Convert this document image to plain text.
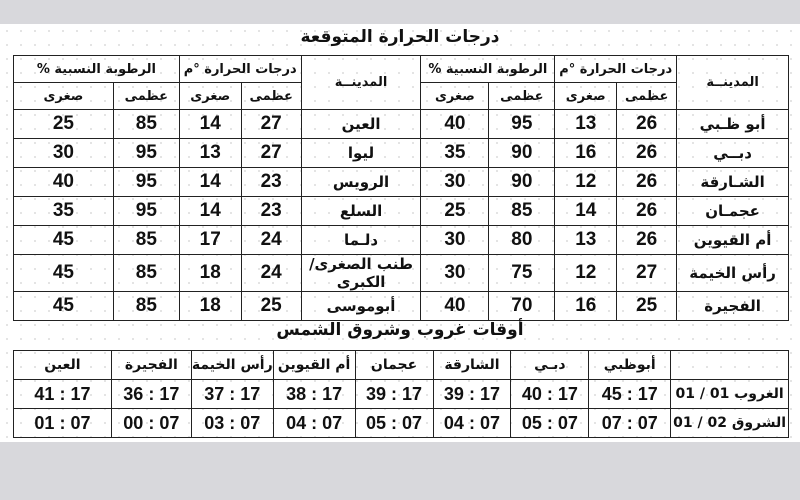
درجات الحرارة المتوقعة
المدينــة	درجات الحرارة °م		الرطوبة النسبية %		المدينــة	درجات الحرارة °م		الرطوبة النسبية %	
	عظمى	صغرى	عظمى	صغرى		عظمى	صغرى	عظمى	صغرى
أبو ظـبي	26	13	95	40	العين	27	14	85	25
دبــي	26	16	90	35	ليوا	27	13	95	30
الشـارقة	26	12	90	30	الرويس	23	14	95	40
عجمـان	26	14	85	25	السلع	23	14	95	35
أم القيوين	26	13	80	30	دلـما	24	17	85	45
رأس الخيمة	27	12	75	30	طنب الصغرى/ الكبرى	24	18	85	45
الفجيرة	25	16	70	40	أبوموسى	25	18	85	45
أوقات غروب وشروق الشمس
	أبوظبي	دبـي	الشارقة	عجمان	أم القيوين	رأس الخيمة	الفجيرة	العين
الغروب 01 / 01	17 : 45	17 : 40	17 : 39	17 : 39	17 : 38	17 : 37	17 : 36	17 : 41
الشروق 02 / 01	07 : 07	07 : 05	07 : 04	07 : 05	07 : 04	07 : 03	07 : 00	07 : 01
